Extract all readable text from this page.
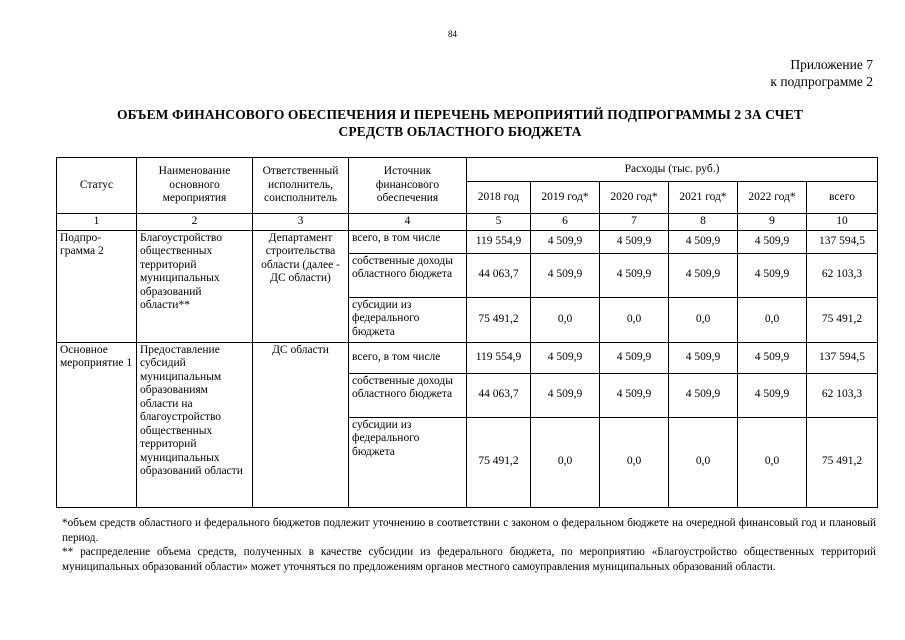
84
Приложение 7
к подпрограмме 2
ОБЪЕМ ФИНАНСОВОГО ОБЕСПЕЧЕНИЯ И ПЕРЕЧЕНЬ МЕРОПРИЯТИЙ ПОДПРОГРАММЫ 2 ЗА СЧЕТ
СРЕДСТВ ОБЛАСТНОГО БЮДЖЕТА
Статус	Наименование основного мероприятия	Ответственный исполнитель, соисполнитель	Источник финансового обеспечения	Расходы (тыс. руб.)					
				2018 год	2019 год*	2020 год*	2021 год*	2022 год*	всего
1	2	3	4	5	6	7	8	9	10
Подпро-грамма 2	Благоустройство общественных территорий муниципальных образований области**	Департамент строительства области (далее - ДС области)	всего, в том числе	119 554,9	4 509,9	4 509,9	4 509,9	4 509,9	137 594,5
			собственные доходы областного бюджета	44 063,7	4 509,9	4 509,9	4 509,9	4 509,9	62 103,3
			субсидии из федерального бюджета	75 491,2	0,0	0,0	0,0	0,0	75 491,2
Основное мероприятие 1	Предоставление субсидий муниципальным образованиям области на благоустройство общественных территорий муниципальных образований области	ДС области	всего, в том числе	119 554,9	4 509,9	4 509,9	4 509,9	4 509,9	137 594,5
			собственные доходы областного бюджета	44 063,7	4 509,9	4 509,9	4 509,9	4 509,9	62 103,3
			субсидии из федерального бюджета	75 491,2	0,0	0,0	0,0	0,0	75 491,2

*объем средств областного и федерального бюджетов подлежит уточнению в соответствии с законом о федеральном бюджете на очередной финансовый год и плановый период.

** распределение объема средств, полученных в качестве субсидии из федерального бюджета, по мероприятию «Благоустройство общественных территорий муниципальных образований области» может уточняться по предложениям органов местного самоуправления муниципальных образований области.
